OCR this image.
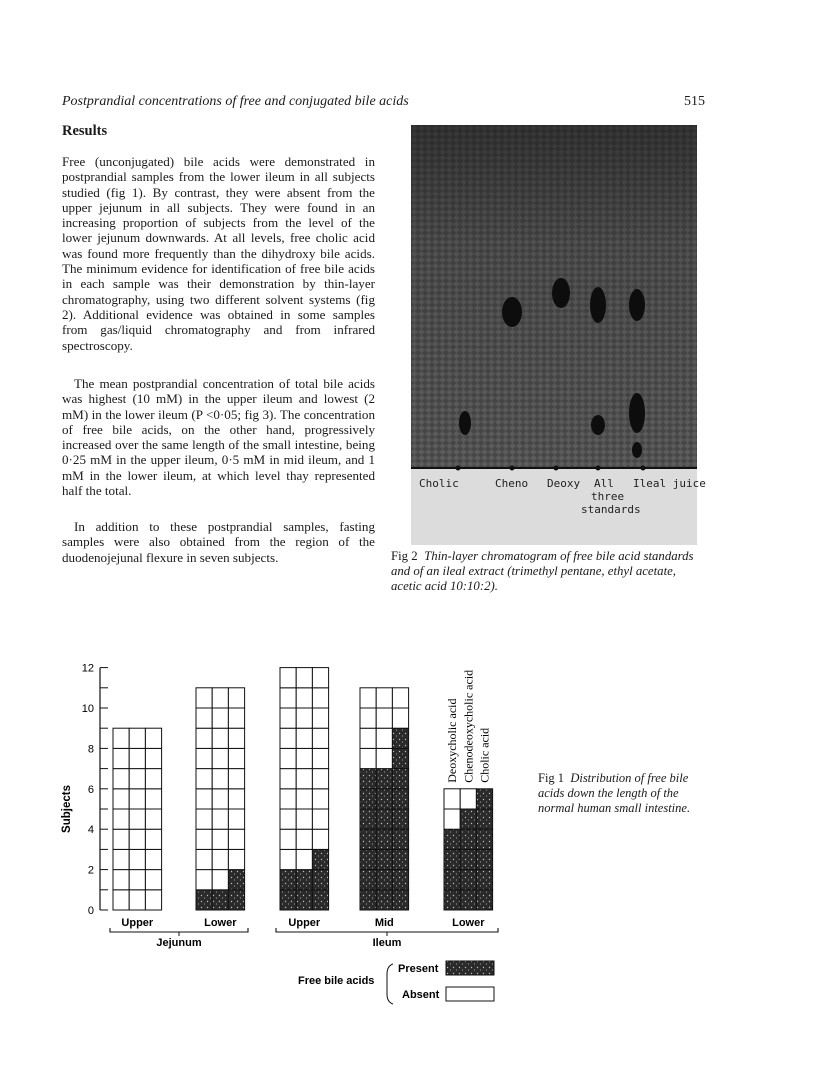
Postprandial concentrations of free and conjugated bile acids	515
Results

Free (unconjugated) bile acids were demonstrated in postprandial samples from the lower ileum in all subjects studied (fig 1). By contrast, they were absent from the upper jejunum in all subjects. They were found in an increasing proportion of subjects from the level of the lower jejunum downwards. At all levels, free cholic acid was found more frequently than the dihydroxy bile acids. The minimum evidence for identification of free bile acids in each sample was their demonstration by thin-layer chromatography, using two different solvent systems (fig 2). Additional evidence was obtained in some samples from gas/liquid chromatography and from infrared spectroscopy.

The mean postprandial concentration of total bile acids was highest (10 mM) in the upper ileum and lowest (2 mM) in the lower ileum (P <0·05; fig 3). The concentration of free bile acids, on the other hand, progressively increased over the same length of the small intestine, being 0·25 mM in the upper ileum, 0·5 mM in mid ileum, and 1 mM in the lower ileum, at which level thay represented half the total.

In addition to these postprandial samples, fasting samples were also obtained from the region of the duodenojejunal flexure in seven subjects.

Cholic	Cheno Deoxy All
three
standards
Ileal juice
Fig 2 Thin-layer chromatogram of free bile acid standards and of an ileal extract (trimethyl pentane, ethyl acetate, acetic acid 10:10:2).
0
2
4
6
8
10
12
Subjects
Upper	Lower	Upper	Mid	Lower
Jejunum	Ileum
Deoxycholic acid Chenodeoxycholic acid Cholic acid
Free bile acids
Present
Absent
Fig 1 Distribution of free bile acids down the length of the normal human small intestine.
